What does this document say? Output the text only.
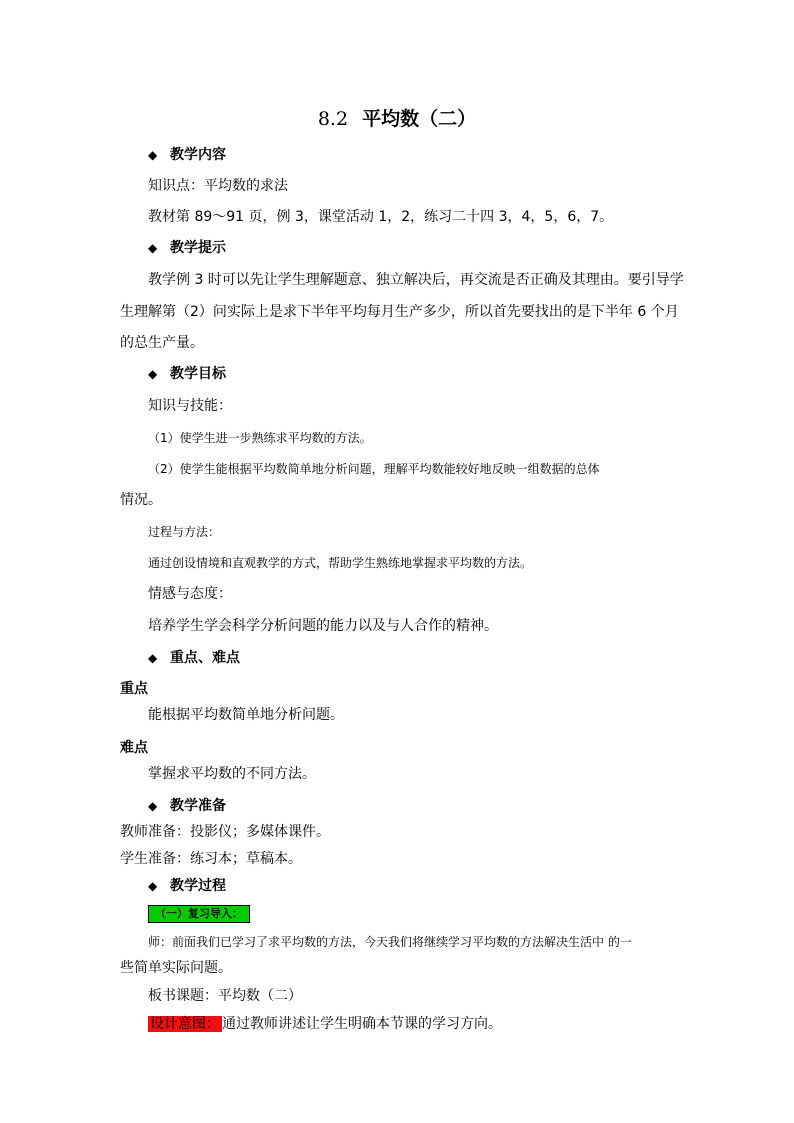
8.2 平均数（二）
◆ 教学内容
知识点：平均数的求法
教材第 89～91 页，例 3，课堂活动 1，2，练习二十四 3，4，5，6，7。
◆ 教学提示
教学例 3 时可以先让学生理解题意、独立解决后，再交流是否正确及其理由。要引导学
生理解第（2）问实际上是求下半年平均每月生产多少，所以首先要找出的是下半年 6 个月
的总生产量。
◆ 教学目标
知识与技能：
（1）使学生进一步熟练求平均数的方法。
（2）使学生能根据平均数简单地分析问题，理解平均数能较好地反映一组数据的总体
情况。
过程与方法：
通过创设情境和直观教学的方式，帮助学生熟练地掌握求平均数的方法。
情感与态度：
培养学生学会科学分析问题的能力以及与人合作的精神。
◆ 重点、难点
重点
能根据平均数简单地分析问题。
难点
掌握求平均数的不同方法。
◆ 教学准备
教师准备：投影仪；多媒体课件。
学生准备：练习本；草稿本。
◆ 教学过程
（一）复习导入：
师：前面我们已学习了求平均数的方法，今天我们将继续学习平均数的方法解决生活中 的一
些简单实际问题。
板书课题：平均数（二）
设计意图： 通过教师讲述让学生明确本节课的学习方向。
